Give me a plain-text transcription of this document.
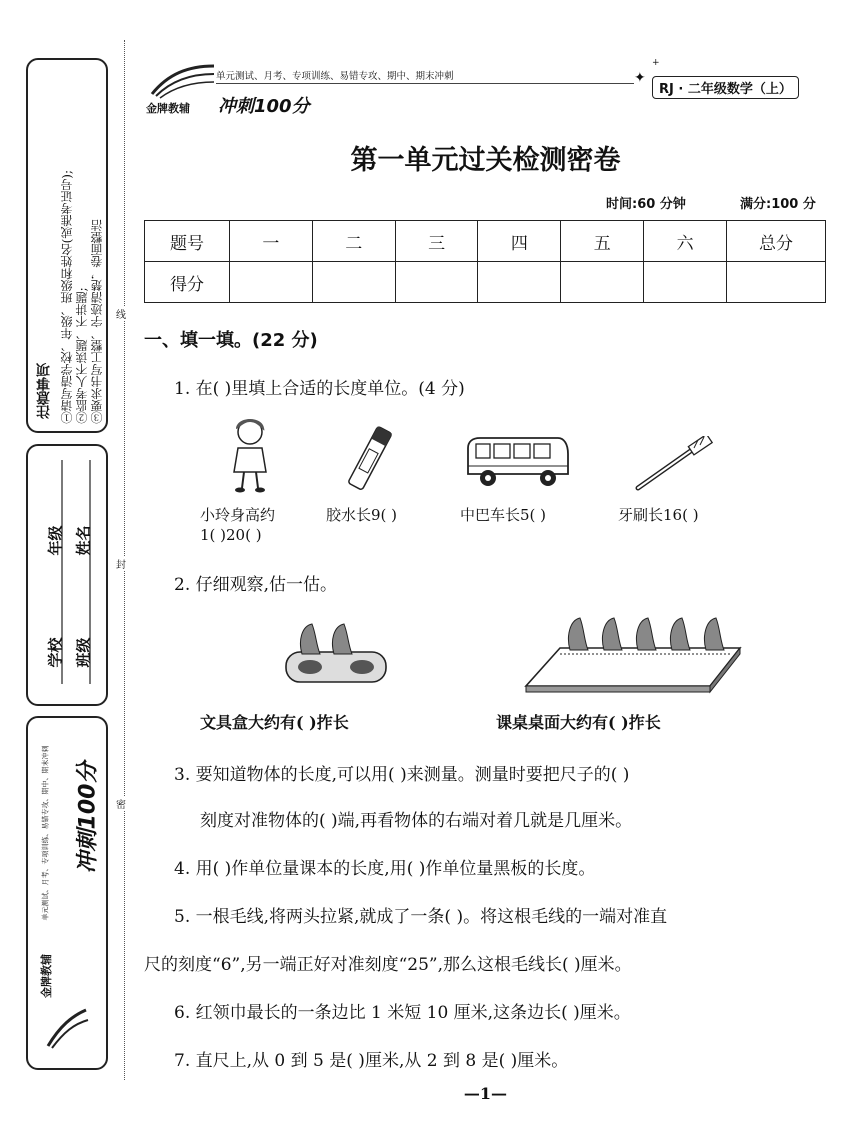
注意事项 ①请写清学校、年级、班级和姓名(或准考证号);
②监考人不读题、不讲题;
③要求书写工整、字迹清楚，卷面整洁
学校
年级
班级
姓名
金牌教辅
冲刺100分
单元测试、月考、专项训练、易错专攻、期中、期末冲刺
线
封
密
单元测试、月考、专项训练、易错专攻、期中、期末冲刺	✦
+
金牌教辅 冲刺100分
RJ · 二年级数学（上）
第一单元过关检测密卷
时间:60 分钟	满分:100 分
题号	一	二	三	四	五	六	总分
得分							
一、填一填。(22 分)
1. 在( )里填上合适的长度单位。(4 分)
小玲身高约
1( )20( )
胶水长9( )	中巴车长5( )	牙刷长16( )
2. 仔细观察,估一估。
文具盒大约有( )拃长	课桌桌面大约有( )拃长
3. 要知道物体的长度,可以用( )来测量。测量时要把尺子的( )
刻度对准物体的( )端,再看物体的右端对着几就是几厘米。
4. 用( )作单位量课本的长度,用( )作单位量黑板的长度。
5. 一根毛线,将两头拉紧,就成了一条( )。将这根毛线的一端对准直
尺的刻度“6”,另一端正好对准刻度“25”,那么这根毛线长( )厘米。
6. 红领巾最长的一条边比 1 米短 10 厘米,这条边长( )厘米。
7. 直尺上,从 0 到 5 是( )厘米,从 2 到 8 是( )厘米。
—1—
